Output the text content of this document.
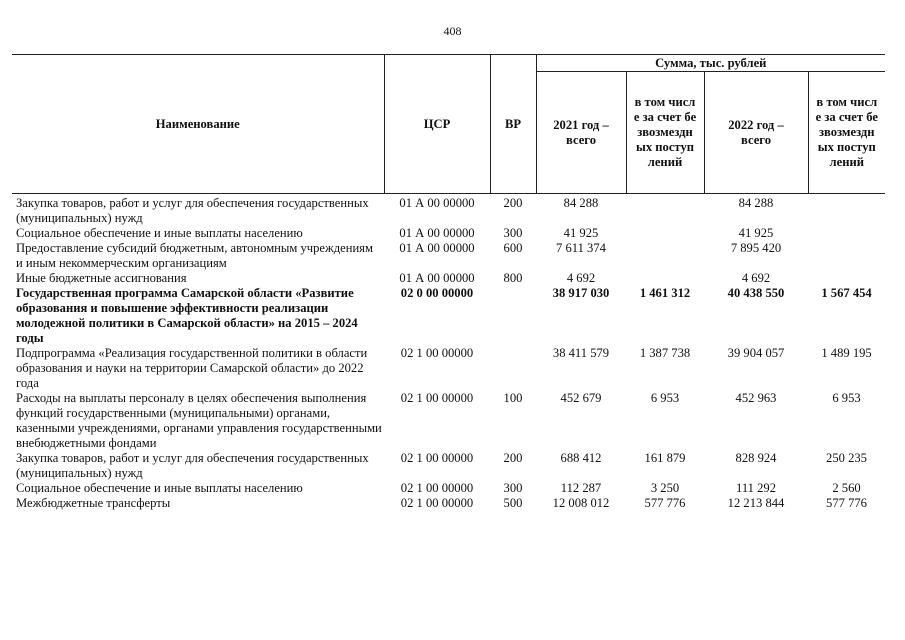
408
Наименование	ЦСР	ВР	Сумма, тыс. рублей			
			2021 год – всего	в том числе за счет безвозмездных поступлений	2022 год – всего	в том числе за счет безвозмездных поступлений
Закупка товаров, работ и услуг для обеспечения государственных (муниципальных) нужд	01 А 00 00000	200	84 288		84 288	
Социальное обеспечение и иные выплаты населению	01 А 00 00000	300	41 925		41 925	
Предоставление субсидий бюджетным, автономным учреждениям и иным некоммерческим организациям	01 А 00 00000	600	7 611 374		7 895 420	
Иные бюджетные ассигнования	01 А 00 00000	800	4 692		4 692	
Государственная программа Самарской области «Развитие образования и повышение эффективности реализации молодежной политики в Самарской области» на 2015 – 2024 годы	02 0 00 00000		38 917 030	1 461 312	40 438 550	1 567 454
Подпрограмма «Реализация государственной политики в области образования и науки на территории Самарской области» до 2022 года	02 1 00 00000		38 411 579	1 387 738	39 904 057	1 489 195
Расходы на выплаты персоналу в целях обеспечения выполнения функций государственными (муниципальными) органами, казенными учреждениями, органами управления государственными внебюджетными фондами	02 1 00 00000	100	452 679	6 953	452 963	6 953
Закупка товаров, работ и услуг для обеспечения государственных (муниципальных) нужд	02 1 00 00000	200	688 412	161 879	828 924	250 235
Социальное обеспечение и иные выплаты населению	02 1 00 00000	300	112 287	3 250	111 292	2 560
Межбюджетные трансферты	02 1 00 00000	500	12 008 012	577 776	12 213 844	577 776
